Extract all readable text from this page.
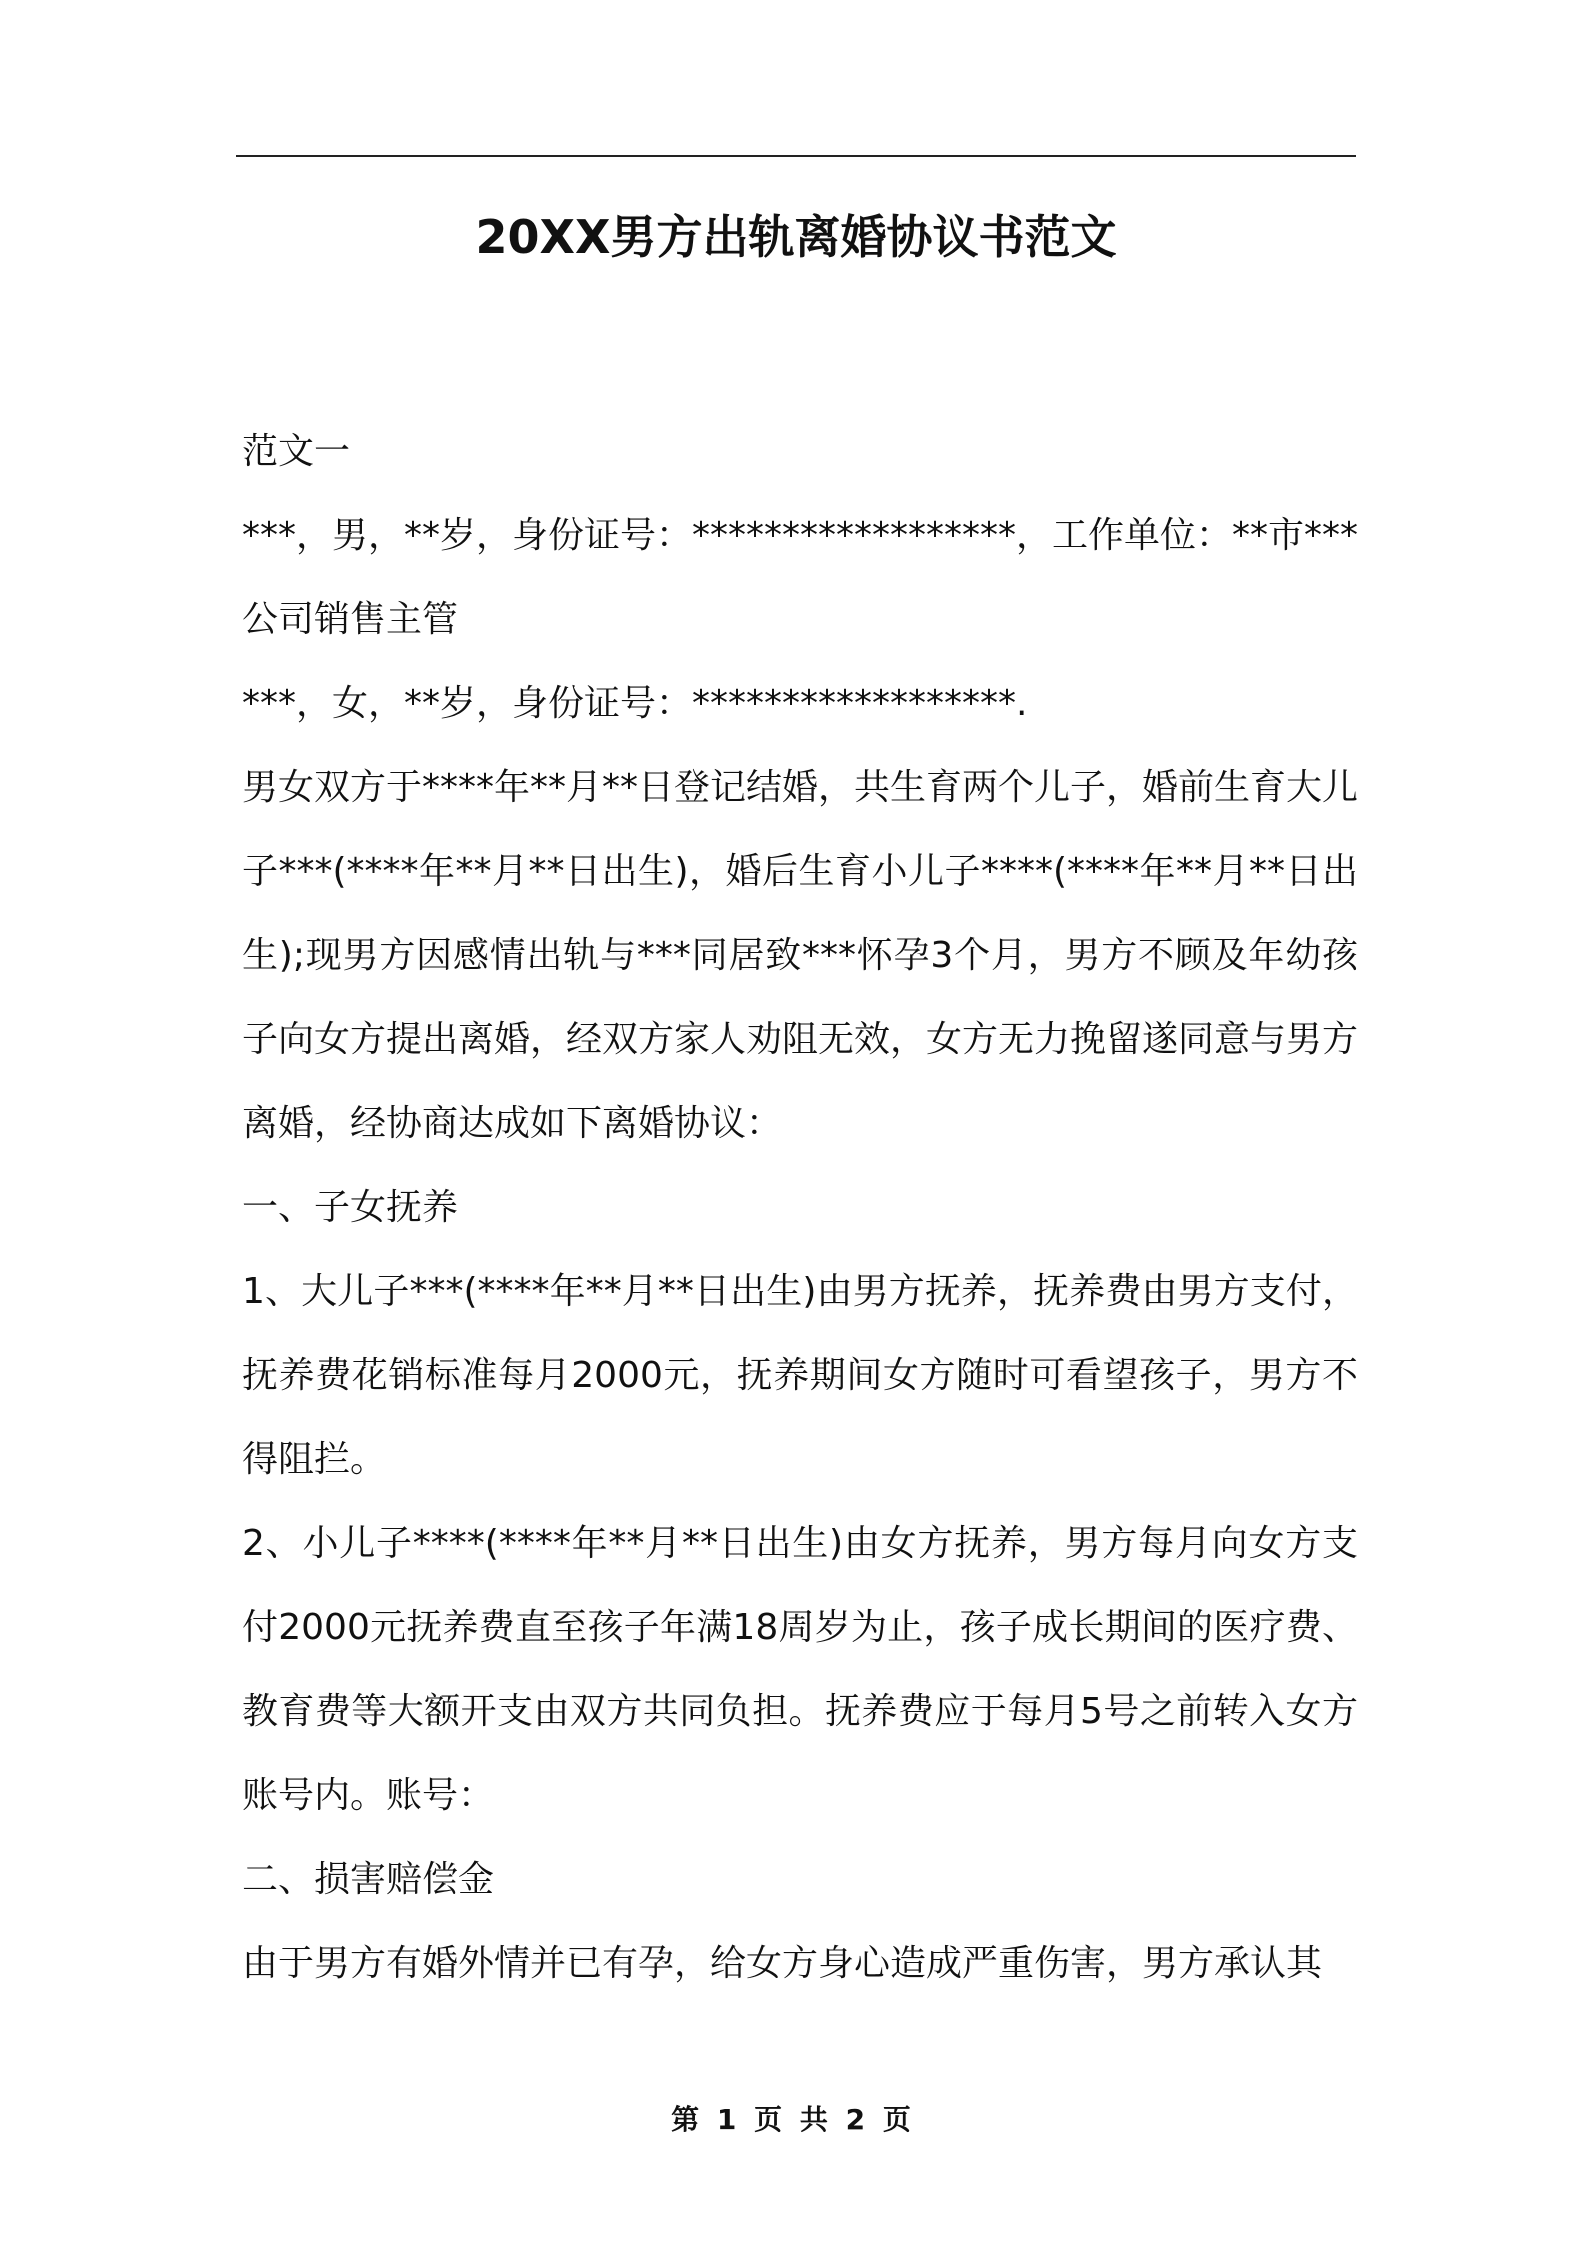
20XX男方出轨离婚协议书范文

范文一

***，男，**岁，身份证号：******************，工作单位：**市***公司销售主管

***，女，**岁，身份证号：******************.

男女双方于****年**月**日登记结婚，共生育两个儿子，婚前生育大儿子***(****年**月**日出生)，婚后生育小儿子****(****年**月**日出生);现男方因感情出轨与***同居致***怀孕3个月，男方不顾及年幼孩子向女方提出离婚，经双方家人劝阻无效，女方无力挽留遂同意与男方离婚，经协商达成如下离婚协议：

一、子女抚养

1、大儿子***(****年**月**日出生)由男方抚养，抚养费由男方支付，抚养费花销标准每月2000元，抚养期间女方随时可看望孩子，男方不得阻拦。

2、小儿子****(****年**月**日出生)由女方抚养，男方每月向女方支付2000元抚养费直至孩子年满18周岁为止，孩子成长期间的医疗费、教育费等大额开支由双方共同负担。抚养费应于每月5号之前转入女方账号内。账号：

二、损害赔偿金

由于男方有婚外情并已有孕，给女方身心造成严重伤害，男方承认其

第 1 页 共 2 页
